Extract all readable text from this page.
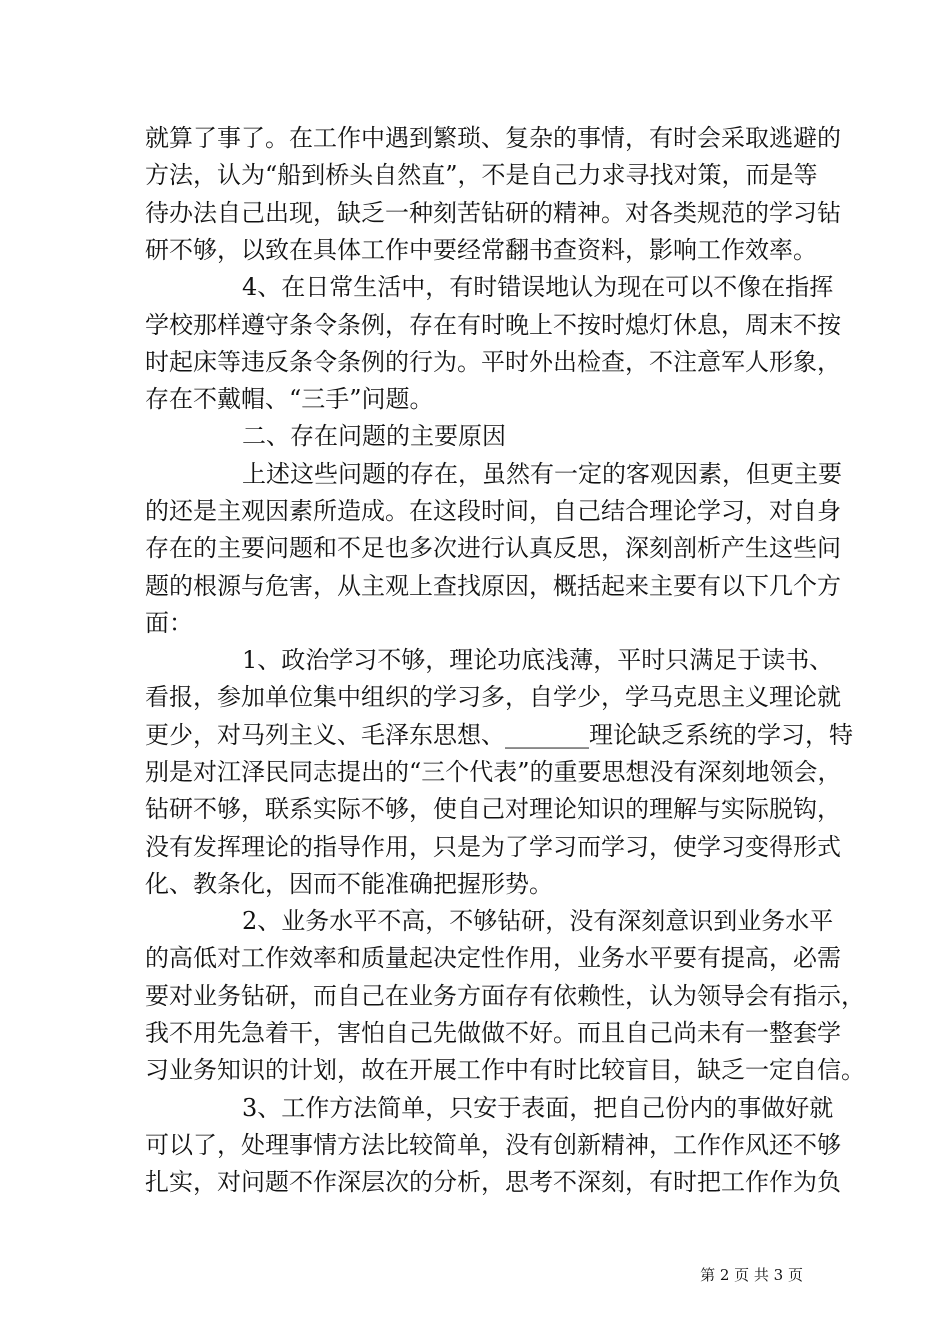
就算了事了。在工作中遇到繁琐、复杂的事情，有时会采取逃避的
方法，认为“船到桥头自然直”，不是自己力求寻找对策，而是等
待办法自己出现，缺乏一种刻苦钻研的精神。对各类规范的学习钻
研不够，以致在具体工作中要经常翻书查资料，影响工作效率。
4、在日常生活中，有时错误地认为现在可以不像在指挥
学校那样遵守条令条例，存在有时晚上不按时熄灯休息，周末不按
时起床等违反条令条例的行为。平时外出检查，不注意军人形象，
存在不戴帽、“三手”问题。
二、存在问题的主要原因
上述这些问题的存在，虽然有一定的客观因素，但更主要
的还是主观因素所造成。在这段时间，自己结合理论学习，对自身
存在的主要问题和不足也多次进行认真反思，深刻剖析产生这些问
题的根源与危害，从主观上查找原因，概括起来主要有以下几个方
面：
1、政治学习不够，理论功底浅薄，平时只满足于读书、
看报，参加单位集中组织的学习多，自学少，学马克思主义理论就
更少，对马列主义、毛泽东思想、_______理论缺乏系统的学习，特
别是对江泽民同志提出的“三个代表”的重要思想没有深刻地领会，
钻研不够，联系实际不够，使自己对理论知识的理解与实际脱钩，
没有发挥理论的指导作用，只是为了学习而学习，使学习变得形式
化、教条化，因而不能准确把握形势。
2、业务水平不高，不够钻研，没有深刻意识到业务水平
的高低对工作效率和质量起决定性作用，业务水平要有提高，必需
要对业务钻研，而自己在业务方面存有依赖性，认为领导会有指示，
我不用先急着干，害怕自己先做做不好。而且自己尚未有一整套学
习业务知识的计划，故在开展工作中有时比较盲目，缺乏一定自信。
3、工作方法简单，只安于表面，把自己份内的事做好就
可以了，处理事情方法比较简单，没有创新精神，工作作风还不够
扎实，对问题不作深层次的分析，思考不深刻，有时把工作作为负
第 2 页 共 3 页
